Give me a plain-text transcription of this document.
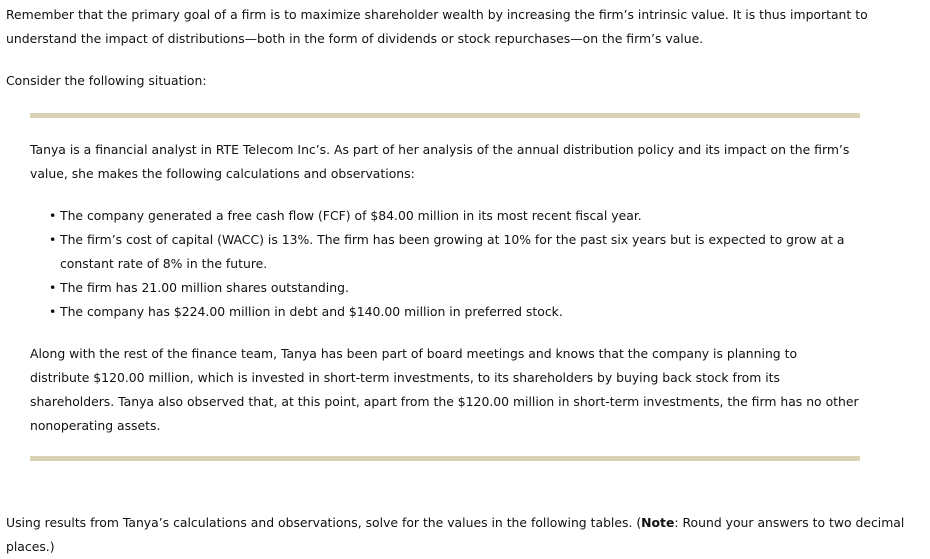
Remember that the primary goal of a firm is to maximize shareholder wealth by increasing the firm’s intrinsic value. It is thus important to understand the impact of distributions—both in the form of dividends or stock repurchases—on the firm’s value.

Consider the following situation:

Tanya is a financial analyst in RTE Telecom Inc’s. As part of her analysis of the annual distribution policy and its impact on the firm’s value, she makes the following calculations and observations:

• The company generated a free cash flow (FCF) of $84.00 million in its most recent fiscal year.
• The firm’s cost of capital (WACC) is 13%. The firm has been growing at 10% for the past six years but is expected to grow at a constant rate of 8% in the future.
• The firm has 21.00 million shares outstanding.
• The company has $224.00 million in debt and $140.00 million in preferred stock.

Along with the rest of the finance team, Tanya has been part of board meetings and knows that the company is planning to distribute $120.00 million, which is invested in short-term investments, to its shareholders by buying back stock from its shareholders. Tanya also observed that, at this point, apart from the $120.00 million in short-term investments, the firm has no other nonoperating assets.

Using results from Tanya’s calculations and observations, solve for the values in the following tables. (Note: Round your answers to two decimal places.)
